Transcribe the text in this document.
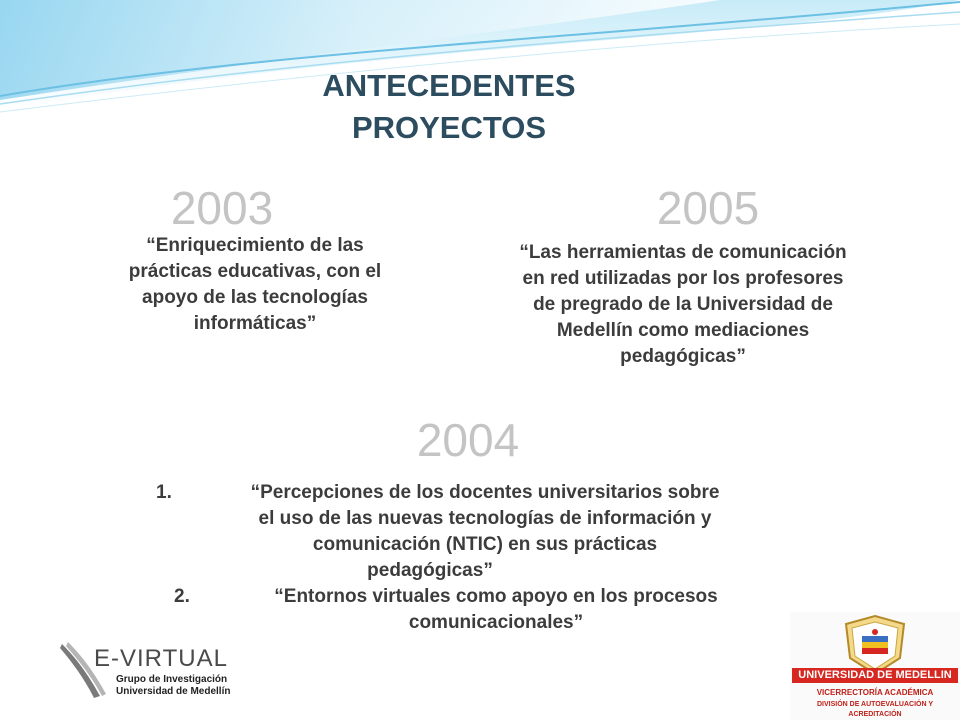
ANTECEDENTES
PROYECTOS
2003
“Enriquecimiento de las
prácticas educativas, con el
apoyo de las tecnologías
informáticas”
2005
“Las herramientas de comunicación
en red utilizadas por los profesores
de pregrado de la Universidad de
Medellín como mediaciones
pedagógicas”
2004
1.	“Percepciones de los docentes universitarios sobre
el uso de las nuevas tecnologías de información y
comunicación (NTIC) en sus prácticas
pedagógicas”
2.	“Entornos virtuales como apoyo en los procesos
comunicacionales”
E-VIRTUAL
Grupo de Investigación
Universidad de Medellín
UNIVERSIDAD DE MEDELLIN
VICERRECTORÍA ACADÉMICA
DIVISIÓN DE AUTOEVALUACIÓN Y ACREDITACIÓN
